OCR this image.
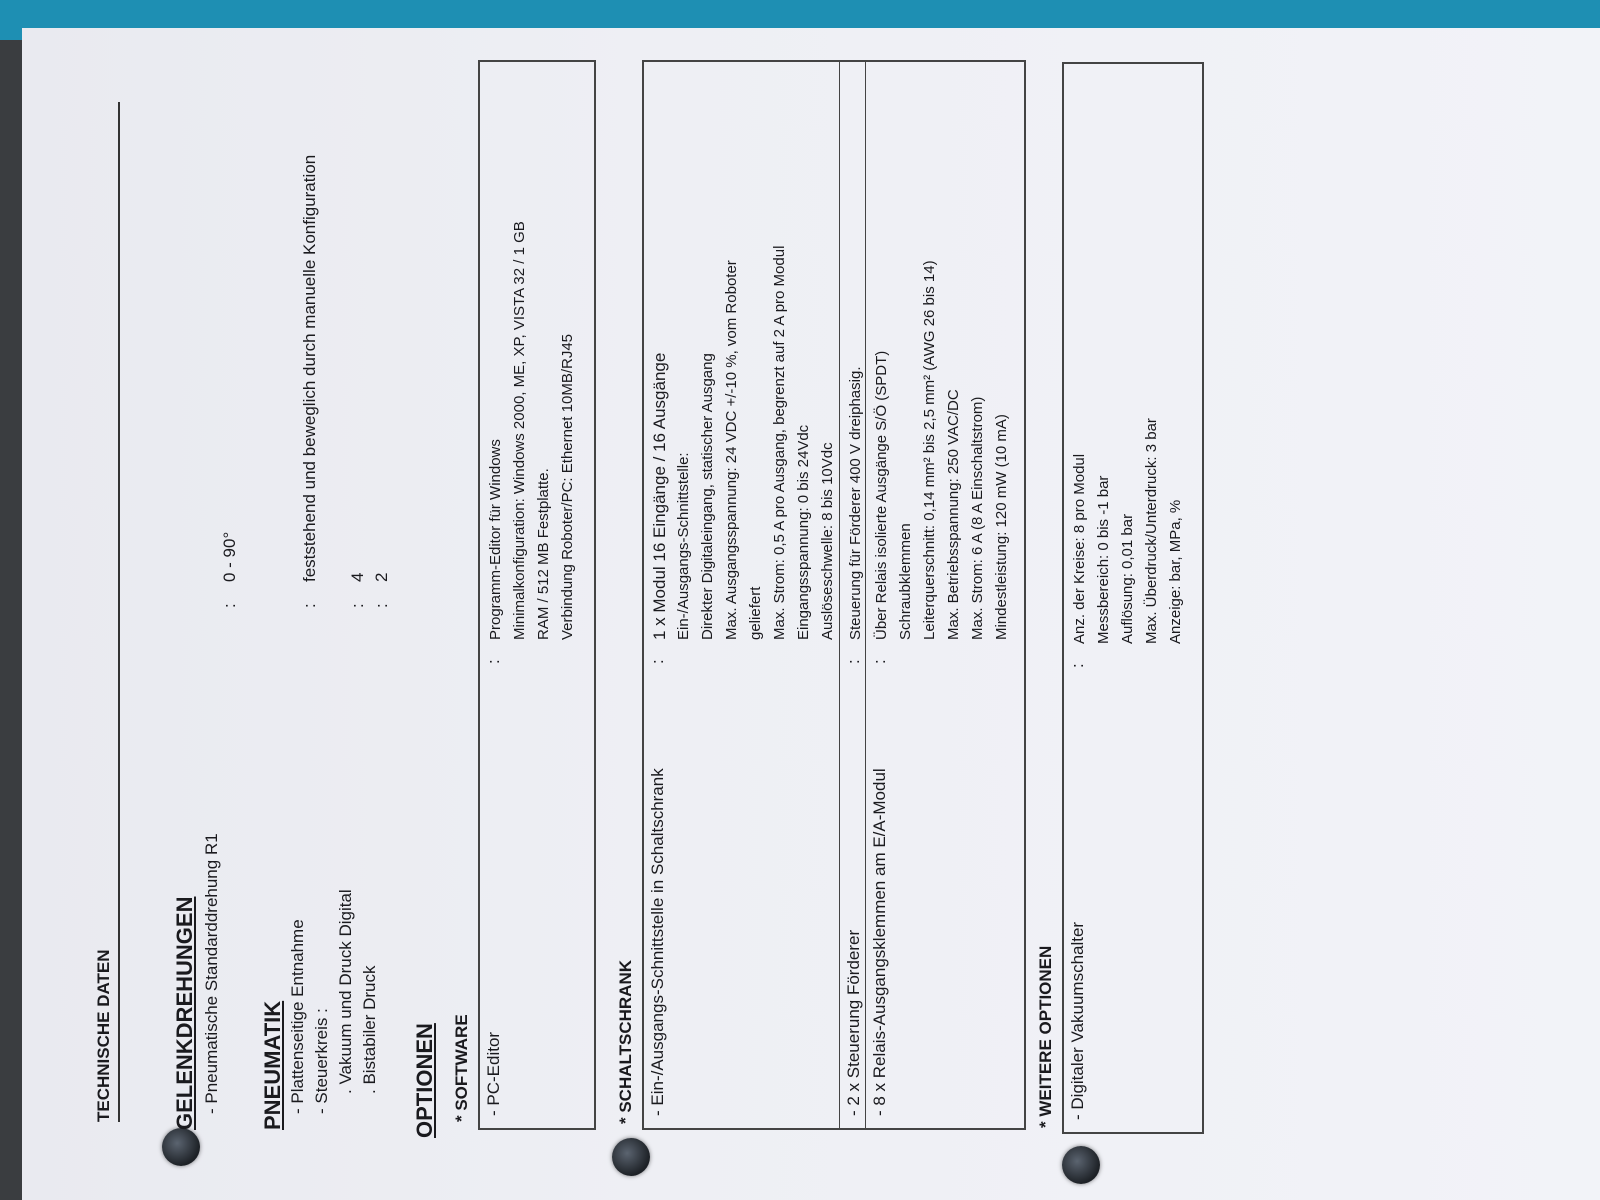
TECHNISCHE DATEN	GELENKDREHUNGEN - Pneumatische Standarddrehung R1
:
0 - 90°
PNEUMATIK - Plattenseitige Entnahme
:
feststehend und beweglich durch manuelle Konfiguration
- Steuerkreis : . Vakuum und Druck Digital
:
4
. Bistabiler Druck
:
2
OPTIONEN * SOFTWARE - PC-Editor
:
Programm-Editor für Windows Minimalkonfiguration: Windows 2000, ME, XP, VISTA 32 / 1 GB RAM / 512 MB Festplatte. Verbindung Roboter/PC: Ethernet 10MB/RJ45
* SCHALTSCHRANK - Ein-/Ausgangs-Schnittstelle in Schaltschrank
:
1 x Modul 16 Eingänge / 16 Ausgänge Ein-/Ausgangs-Schnittstelle: Direkter Digitaleingang, statischer Ausgang Max. Ausgangsspannung: 24 VDC +/-10 %, vom Roboter geliefert Max. Strom: 0,5 A pro Ausgang, begrenzt auf 2 A pro Modul Eingangsspannung: 0 bis 24Vdc Auslöseschwelle: 8 bis 10Vdc
- 2 x Steuerung Förderer
:
Steuerung für Förderer 400 V dreiphasig.
- 8 x Relais-Ausgangsklemmen am E/A-Modul
:
Über Relais isolierte Ausgänge S/Ö (SPDT) Schraubklemmen Leiterquerschnitt: 0,14 mm² bis 2,5 mm² (AWG 26 bis 14) Max. Betriebsspannung: 250 VAC/DC Max. Strom: 6 A (8 A Einschaltstrom) Mindestleistung: 120 mW (10 mA)
* WEITERE OPTIONEN - Digitaler Vakuumschalter
:
Anz. der Kreise: 8 pro Modul Messbereich: 0 bis -1 bar Auflösung: 0,01 bar Max. Überdruck/Unterdruck: 3 bar Anzeige: bar, MPa, %
